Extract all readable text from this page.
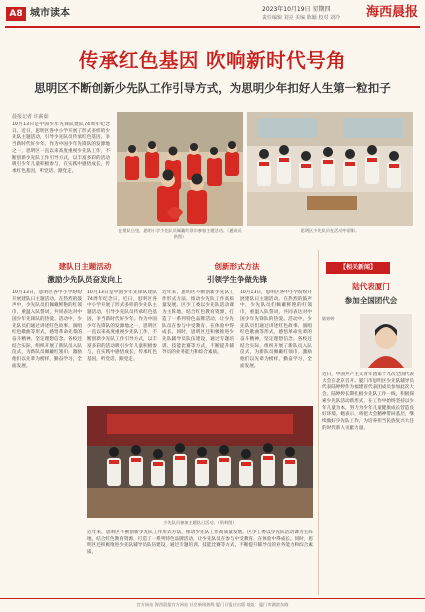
A8 城市读本	2023年10月19日 星期四
责任编辑 刘亮 美编 陈颖 校对 刘玲 海西晨报
传承红色基因 吹响新时代号角
思明区不断创新少先队工作引导方式，为思明少年扣好人生第一粒扣子
晨报记者 许薪茹
10月13日是中国少年先锋队建队74周年纪念日。近日，思明区各中小学开展了形式多样的少先队主题活动，引导少先队员传承红色基因，争当新时代好少年。作为中国少年先锋队的发源地之一，思明区一直以来高度重视少先队工作，不断创新少先队工作引导方式，以丰富多彩的活动吸引少年儿童积极参与，在实践中感悟成长，传承红色基因，听党话、跟党走。
在建队日里，思明小学少先队员佩戴红领巾参加主题活动。（通讯员供图）
思明区少先队员在活动中留影。
建队日主题活动
激励少先队员奋发向上
创新形式方法
引领学生争做先锋
10月13日，思明区各中小学纷纷开展建队日主题活动。在热烈的鼓声中，少先队员们佩戴鲜艳的红领巾，重温入队誓词，共同表达对中国少年先锋队的热爱。活动中，少先队员们通过讲述红色故事、演唱红色歌曲等形式，感悟革命先辈的奋斗精神，坚定理想信念。各校还结合实际，组织开展了新队员入队仪式，为新队员佩戴红领巾，激励他们以先辈为榜样，勤奋学习，全面发展。
10月13日是中国少年先锋队建队74周年纪念日。近日，思明区各中小学开展了形式多样的少先队主题活动，引导少先队员传承红色基因，争当新时代好少年。作为中国少年先锋队的发源地之一，思明区一直以来高度重视少先队工作，不断创新少先队工作引导方式，以丰富多彩的活动吸引少年儿童积极参与，在实践中感悟成长，传承红色基因，听党话、跟党走。
近年来，思明区不断创新少先队工作形式方法，推动少先队工作高质量发展。区少工委以少先队活动课为主阵地，结合红色教育资源，打造了一系列特色品牌活动，让少先队员在参与中受教育、在体验中得成长。同时，思明区还积极推进少先队辅导员队伍建设，通过专题培训、技能比赛等方式，不断提升辅导员的业务能力和综合素质。
10月13日，思明区各中小学纷纷开展建队日主题活动。在热烈的鼓声中，少先队员们佩戴鲜艳的红领巾，重温入队誓词，共同表达对中国少年先锋队的热爱。活动中，少先队员们通过讲述红色故事、演唱红色歌曲等形式，感悟革命先辈的奋斗精神，坚定理想信念。各校还结合实际，组织开展了新队员入队仪式，为新队员佩戴红领巾，激励他们以先辈为榜样，勤奋学习，全面发展。
少先队员参加主题队日活动。（资料图）
近年来，思明区不断创新少先队工作形式方法，推动少先队工作高质量发展。区少工委以少先队活动课为主阵地，结合红色教育资源，打造了一系列特色品牌活动，让少先队员在参与中受教育、在体验中得成长。同时，思明区还积极推进少先队辅导员队伍建设，通过专题培训、技能比赛等方式，不断提升辅导员的业务能力和综合素质。
【相关新闻】
陆代表厦门
参加全国团代会
陆婷婷
近日，中国共产主义青年团第十九次全国代表大会在北京召开。厦门市思明区少先队辅导员代表陆婷婷作为福建省代表团成员参加此次大会。陆婷婷长期扎根少先队工作一线，积极探索少先队活动新形式，在工作中始终坚持以少年儿童为本，努力为少年儿童健康成长营造良好环境。她表示，将把大会精神带回基层，继续做好少先队工作，为培养担当民族复兴大任的时代新人贡献力量。
官方网站 海西晨报官方网站 社会新闻热线 厦门日报社出版 地址：厦门市湖滨东路
